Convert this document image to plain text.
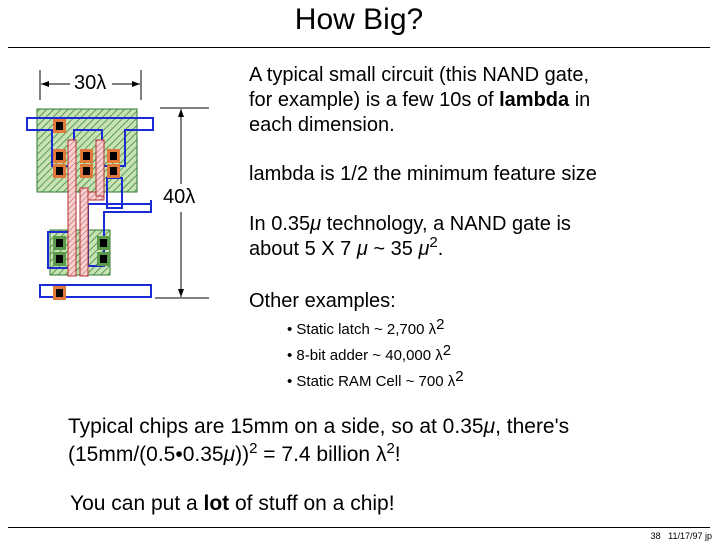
How Big?
30λ
40λ
A typical small circuit (this NAND gate,
for example) is a few 10s of lambda in
each dimension.
lambda is 1/2 the minimum feature size
In 0.35μ technology, a NAND gate is
about 5 X 7 μ ~ 35 $\mu^2$.
Other examples:
• Static latch ~ 2,700 $\lambda^2$
• 8-bit adder ~ 40,000 $\lambda^2$
• Static RAM Cell ~ 700 $\lambda^2$
Typical chips are 15mm on a side, so at 0.35μ, there's
(15mm/(0.5•0.35μ))$^2$ = 7.4 billion $\lambda^2$!
You can put a lot of stuff on a chip!
38 11/17/97 jp
